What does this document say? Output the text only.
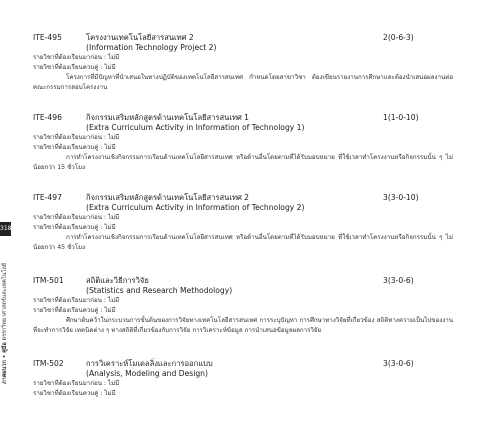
318
ภาคผนวก • คู่มือ ตรรกวิทยาศาสตร์และเทคโนโลยี
ITE-495	โครงงานเทคโนโลยีสารสนเทศ 2	2(0-6-3)
(Information Technology Project 2)
รายวิชาที่ต้องเรียนมาก่อน : ไม่มี
รายวิชาที่ต้องเรียนควบคู่ : ไม่มี
โครงการที่มีปัญหาที่นำเสนอในทางปฏิบัติของเทคโนโลยีสารสนเทศ กำหนดโดยสาขาวิชา ต้องเขียนรายงานการศึกษาและต้องนำเสนอผลงานต่อคณะกรรมการสอบโครงงาน
ITE-496	กิจกรรมเสริมหลักสูตรด้านเทคโนโลยีสารสนเทศ 1	1(1-0-10)
(Extra Curriculum Activity in Information of Technology 1)
รายวิชาที่ต้องเรียนมาก่อน : ไม่มี
รายวิชาที่ต้องเรียนควบคู่ : ไม่มี
การทำโครงงานเชิงกิจกรรมการเรียนด้านเทคโนโลยีสารสนเทศ หรือด้านอื่นโดยตามที่ได้รับมอบหมาย ที่ใช้เวลาทำโครงงานหรือกิจกรรมนั้น ๆ ไม่น้อยกว่า 15 ชั่วโมง
ITE-497	กิจกรรมเสริมหลักสูตรด้านเทคโนโลยีสารสนเทศ 2	3(3-0-10)
(Extra Curriculum Activity in Information of Technology 2)
รายวิชาที่ต้องเรียนมาก่อน : ไม่มี
รายวิชาที่ต้องเรียนควบคู่ : ไม่มี
การทำโครงงานเชิงกิจกรรมการเรียนด้านเทคโนโลยีสารสนเทศ หรือด้านอื่นโดยตามที่ได้รับมอบหมาย ที่ใช้เวลาทำโครงงานหรือกิจกรรมนั้น ๆ ไม่น้อยกว่า 45 ชั่วโมง
ITM-501	สถิติและวิธีการวิจัย	3(3-0-6)
(Statistics and Research Methodology)
รายวิชาที่ต้องเรียนมาก่อน : ไม่มี
รายวิชาที่ต้องเรียนควบคู่ : ไม่มี
ศึกษาต้นคว้าในกระบวนการขั้นต้นของการวิจัยทางเทคโนโลยีสารสนเทศ การระบุปัญหา การศึกษาทางวิจัยที่เกี่ยวข้อง สถิติทางความเป็นไปของงานที่จะทำการวิจัย เทคนิคต่าง ๆ ทางสถิติที่เกี่ยวข้องกับการวิจัย การวิเคราะห์ข้อมูล การนำเสนอข้อมูลผลการวิจัย
ITM-502	การวิเคราะห์โมเดลลิ่งและการออกแบบ	3(3-0-6)
(Analysis, Modeling and Design)
รายวิชาที่ต้องเรียนมาก่อน : ไม่มี
รายวิชาที่ต้องเรียนควบคู่ : ไม่มี
